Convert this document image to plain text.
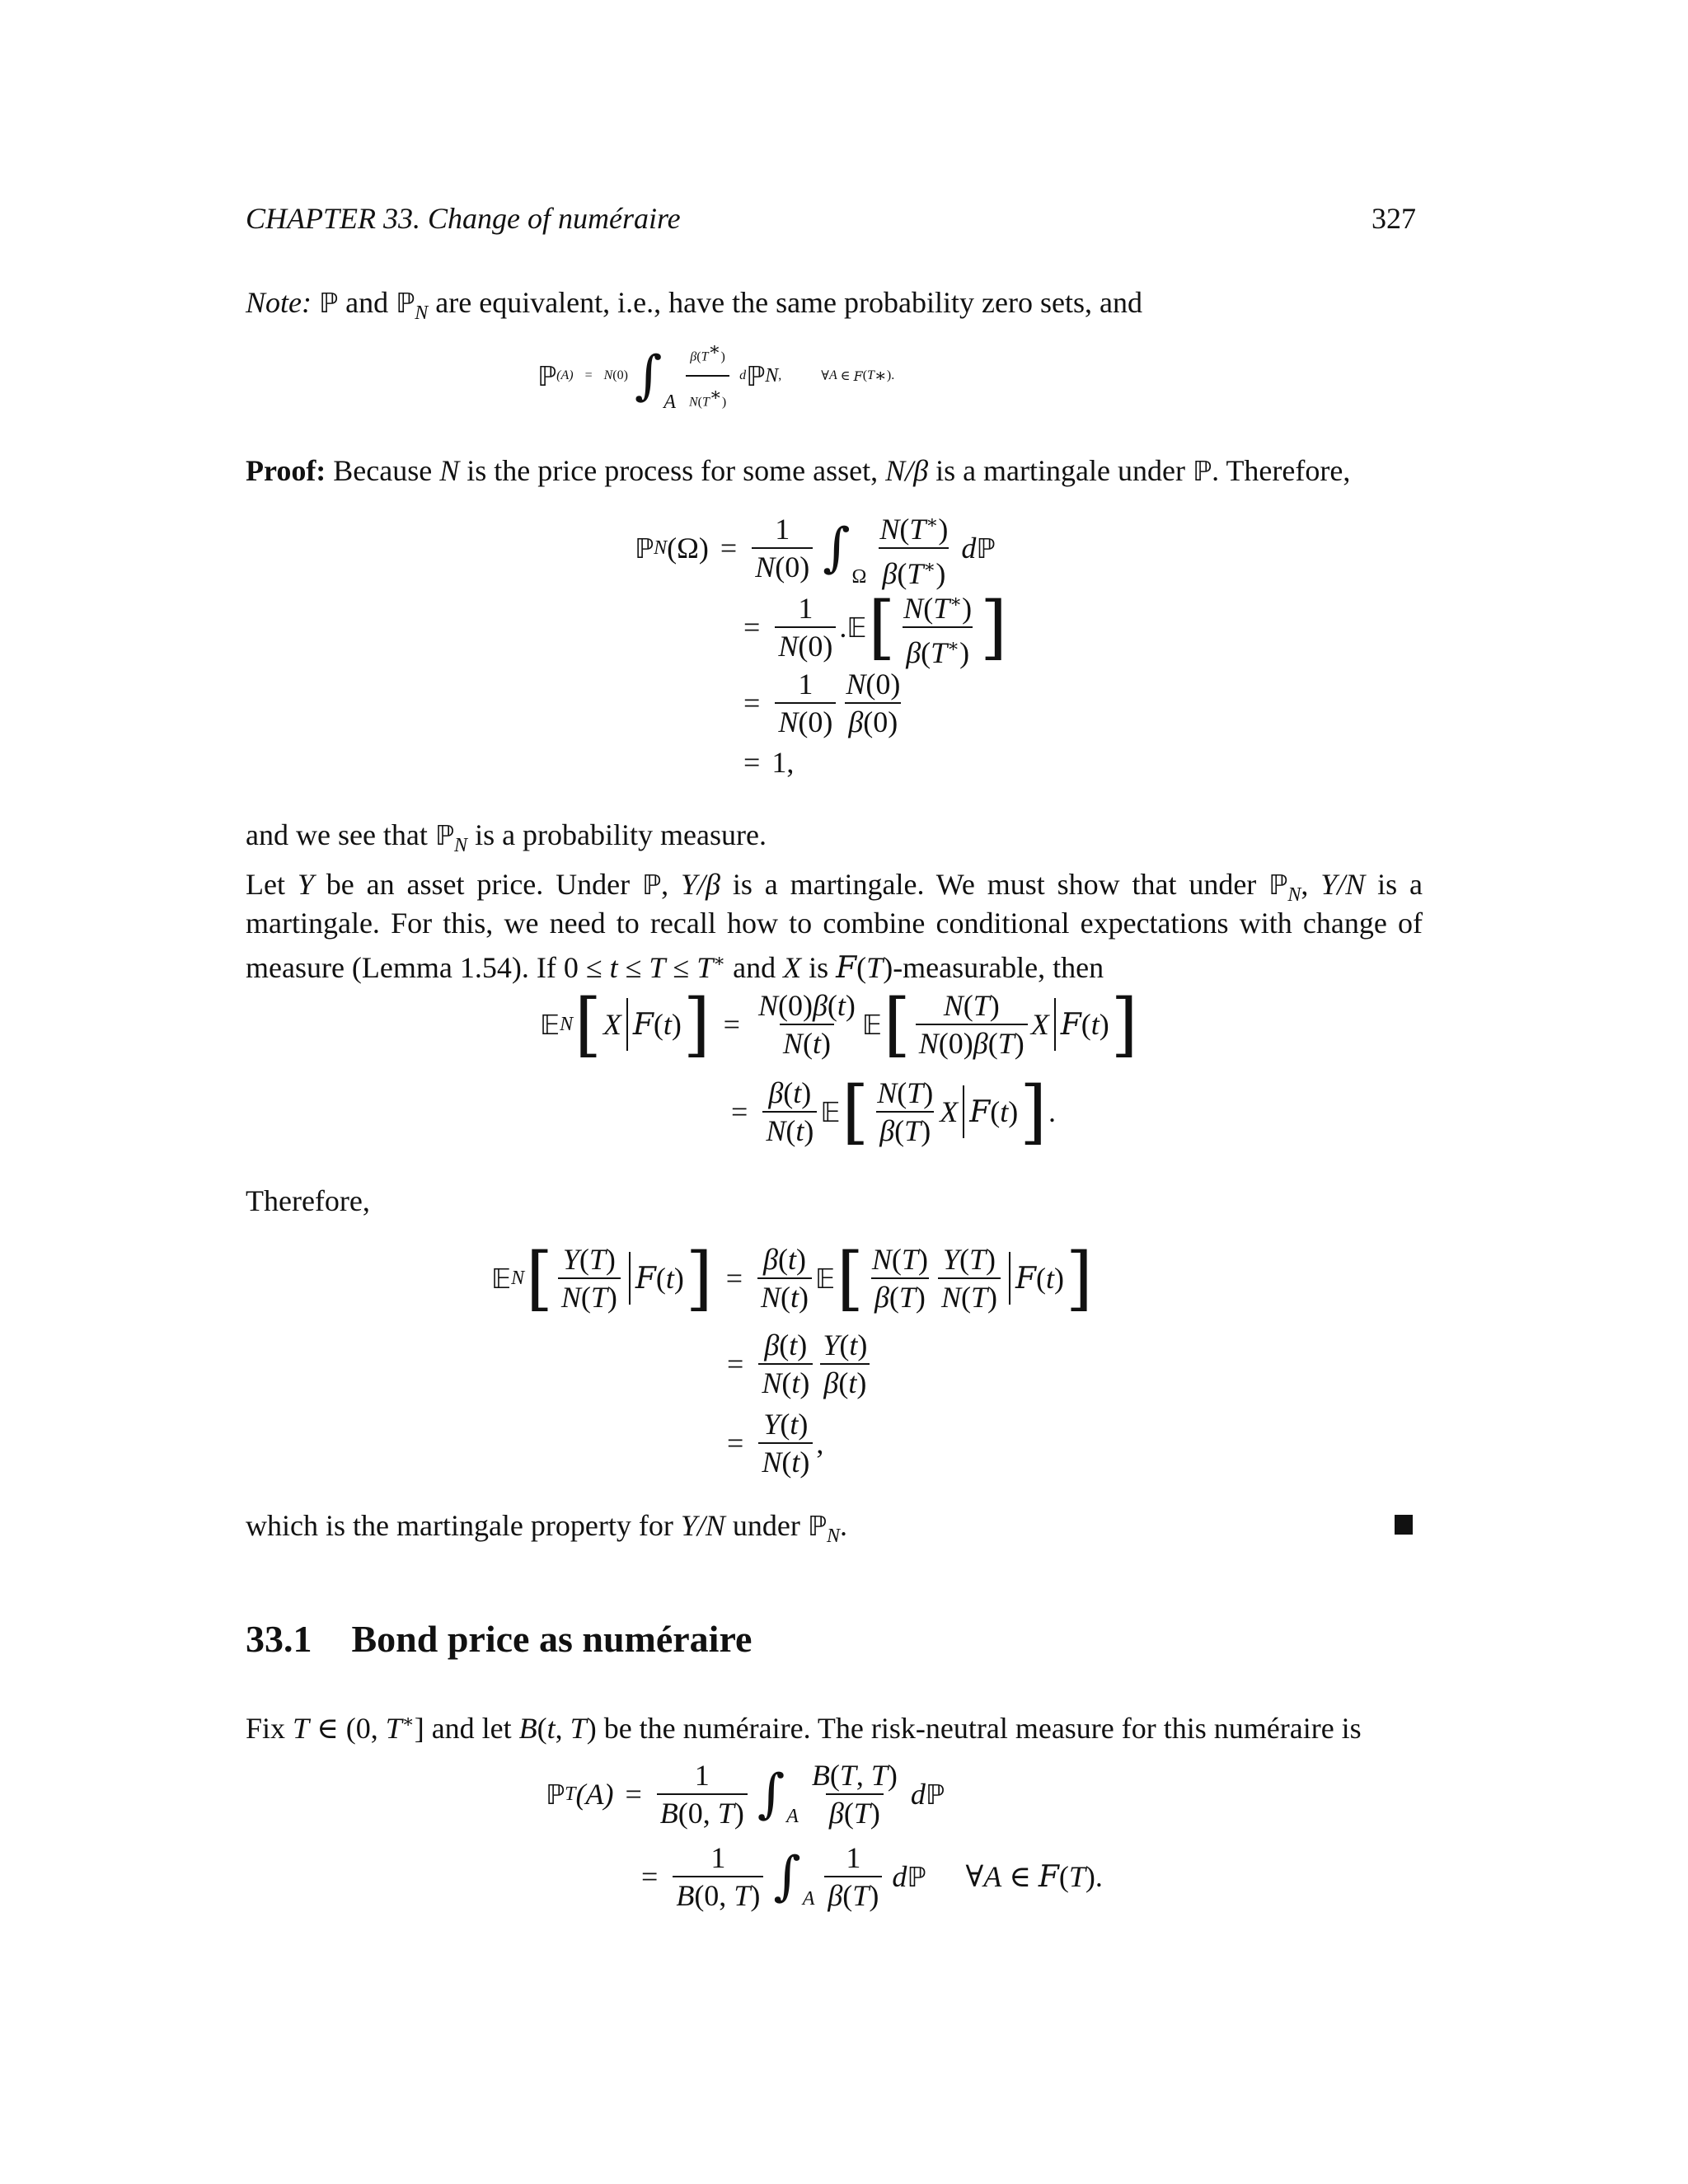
CHAPTER 33. Change of numéraire	327
Note: ℙ and ℙ$_N$ are equivalent, i.e., have the same probability zero sets, and
ℙ (A) = N (0) ∫ A $\frac{\beta(T^∗)}{N(T^∗)}$ d ℙ N ,	∀ A ∈ F ( T ∗ ).
Proof: Because N is the price process for some asset, N/β is a martingale under ℙ. Therefore,
ℙ N $(\Omega) = \frac{1}{N(0)}$ ∫ Ω $\frac{N(T^∗)}{\beta(T^∗)}$ d ℙ
= $\frac{1}{N(0)}$ . 𝔼 [ $\frac{N(T^∗)}{\beta(T^∗)}$ ]
= $\frac{1}{N(0)} \frac{N(0)}{\beta(0)}$
= 1,
and we see that ℙ$_N$ is a probability measure.
Let Y be an asset price. Under ℙ, Y/β is a martingale. We must show that under ℙ$_N$, Y/N is a martingale. For this, we need to recall how to combine conditional expectations with change of measure (Lemma 1.54). If 0 ≤ t ≤ T ≤ T∗ and X is F(T)-measurable, then
𝔼 N [ X F ( t ) ] = $\frac{N(0)\beta(t)}{N(t)}$ 𝔼 [ $\frac{N(T)}{N(0)\beta(T)}$ X F ( t ) ]
= $\frac{\beta(t)}{N(t)}$ 𝔼 [ $\frac{N(T)}{\beta(T)}$ X F ( t ) ] .
Therefore,
𝔼 N [ $\frac{Y(T)}{N(T)}$ F ( t ) ] = $\frac{\beta(t)}{N(t)}$ 𝔼 [ $\frac{N(T)}{\beta(T)} \frac{Y(T)}{N(T)}$ F ( t ) ]
= $\frac{\beta(t)}{N(t)} \frac{Y(t)}{\beta(t)}$
= $\frac{Y(t)}{N(t)}$ ,
which is the martingale property for Y/N under ℙ$_N$.
33.1 Bond price as numéraire
Fix T ∈ (0, T∗] and let B(t, T) be the numéraire. The risk-neutral measure for this numéraire is
ℙ T $(A) = \frac{1}{B(0, T)}$ ∫ A $\frac{B(T, T)}{\beta(T)}$ d ℙ
= $\frac{1}{B(0, T)}$ ∫ A $\frac{1}{\beta(T)}$ d ℙ ∀ A ∈ F ( T ).
